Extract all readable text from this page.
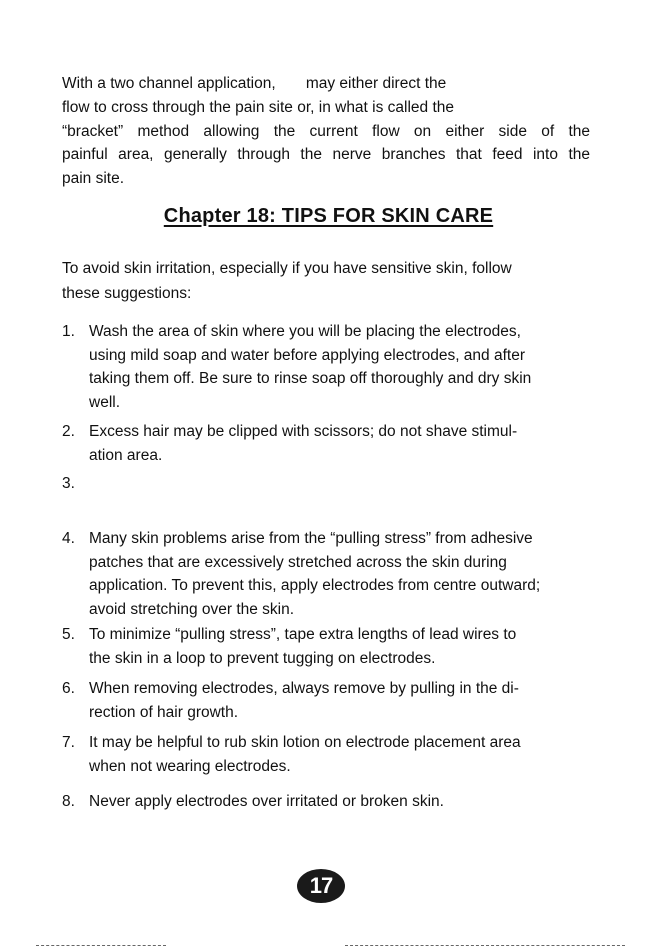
With a two channel application,       may either direct the
flow to cross through the pain site or, in what is called the
“bracket” method allowing the current flow on either side of the
painful area, generally through the nerve branches that feed into the
pain site.
Chapter 18: TIPS FOR SKIN CARE
To avoid skin irritation, especially if you have sensitive skin, follow
these suggestions:
1. Wash the area of skin where you will be placing the electrodes,
using mild soap and water before applying electrodes, and after
taking them off. Be sure to rinse soap off thoroughly and dry skin
well.
2. Excess hair may be clipped with scissors; do not shave stimul-
ation area.
3.
4. Many skin problems arise from the “pulling stress” from adhesive
patches that are excessively stretched across the skin during
application. To prevent this, apply electrodes from centre outward;
avoid stretching over the skin.
5. To minimize “pulling stress”, tape extra lengths of lead wires to
the skin in a loop to prevent tugging on electrodes.
6. When removing electrodes, always remove by pulling in the di-
rection of hair growth.
7. It may be helpful to rub skin lotion on electrode placement area
when not wearing electrodes.
8. Never apply electrodes over irritated or broken skin.
17
